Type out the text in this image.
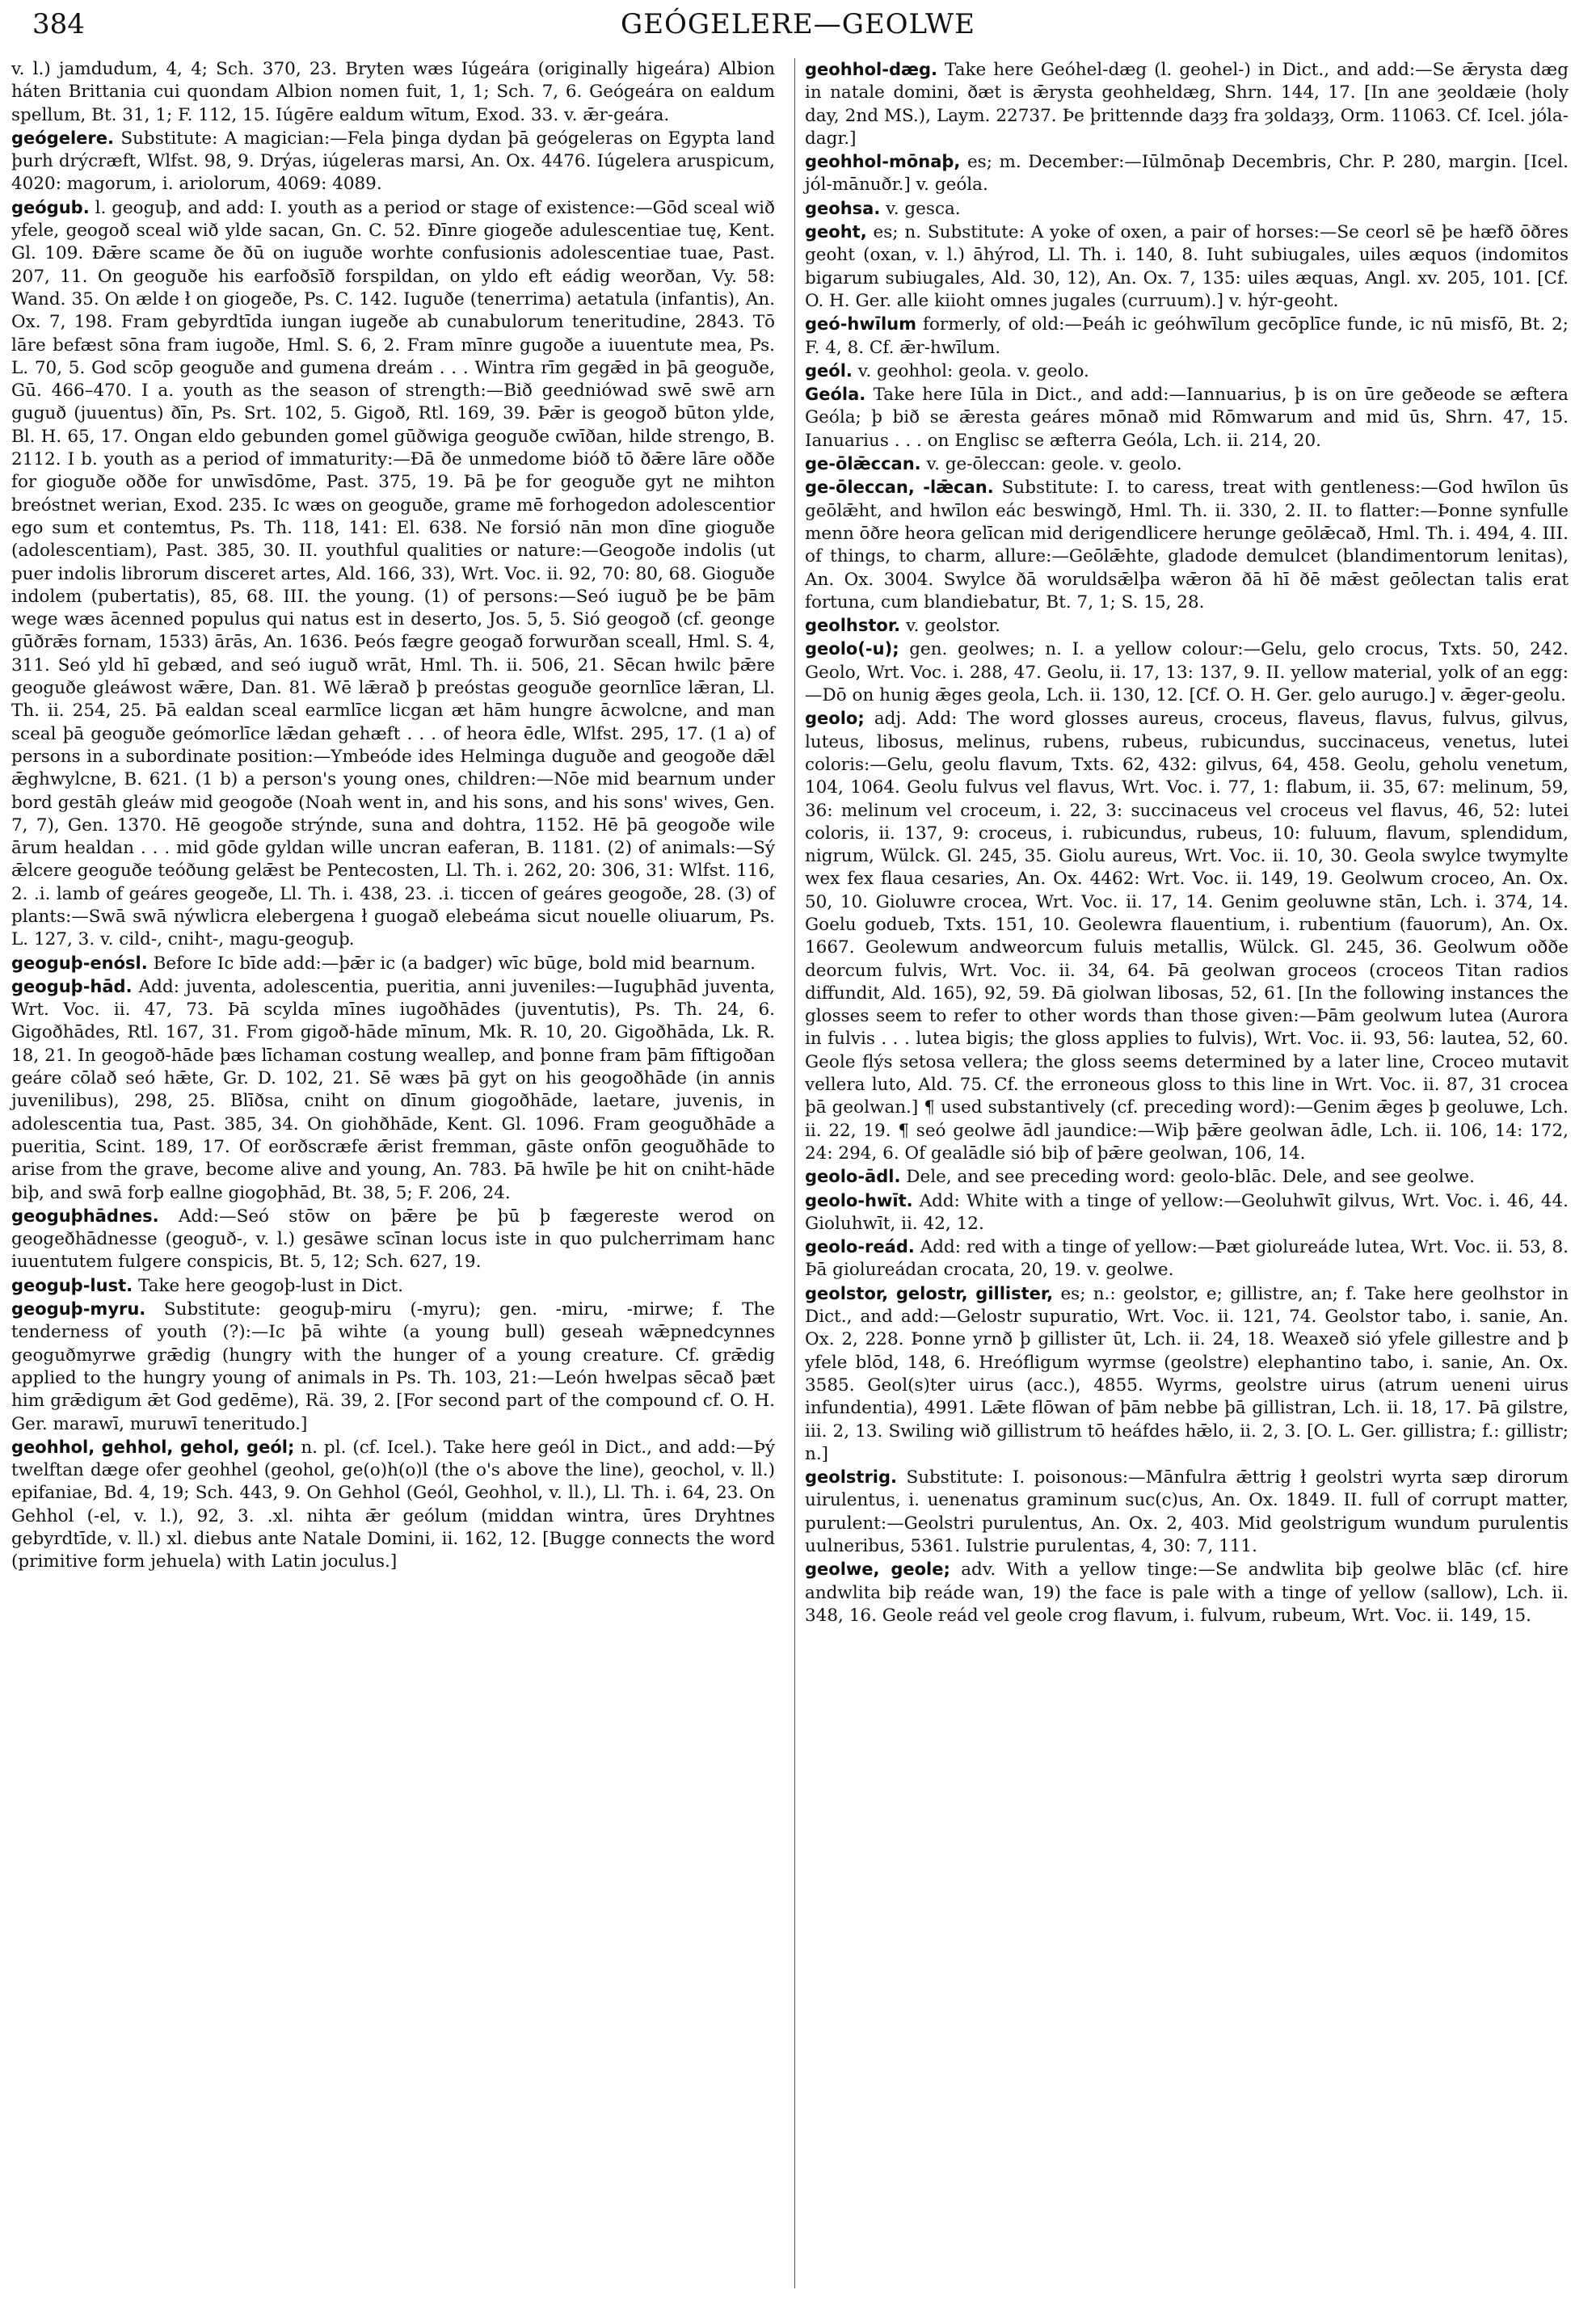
384	GEÓGELERE—GEOLWE

v. l.) jamdudum, 4, 4; Sch. 370, 23. Bryten wæs Iúgeára (originally higeára) Albion háten Brittania cui quondam Albion nomen fuit, 1, 1; Sch. 7, 6. Geógeára on ealdum spellum, Bt. 31, 1; F. 112, 15. Iúgēre ealdum wītum, Exod. 33. v. ǣr-geára.

geógelere. Substitute: A magician:—Fela þinga dydan þā geógeleras on Egypta land þurh drýcræft, Wlfst. 98, 9. Drýas, iúgeleras marsi, An. Ox. 4476. Iúgelera aruspicum, 4020: magorum, i. ariolorum, 4069: 4089.

geógub. l. geoguþ, and add: I. youth as a period or stage of existence:—Gōd sceal wið yfele, geogoð sceal wið ylde sacan, Gn. C. 52. Ðīnre giogeðe adulescentiae tuę, Kent. Gl. 109. Ðǣre scame ðe ðū on iuguðe worhte confusionis adolescentiae tuae, Past. 207, 11. On geoguðe his earfoðsīð forspildan, on yldo eft eádig weorðan, Vy. 58: Wand. 35. On ælde ł on giogeðe, Ps. C. 142. Iuguðe (tenerrima) aetatula (infantis), An. Ox. 7, 198. Fram gebyrdtīda iungan iugeðe ab cunabulorum teneritudine, 2843. Tō lāre befæst sōna fram iugoðe, Hml. S. 6, 2. Fram mīnre gugoðe a iuuentute mea, Ps. L. 70, 5. God scōp geoguðe and gumena dreám . . . Wintra rīm gegǣd in þā geoguðe, Gū. 466–470. I a. youth as the season of strength:—Bið geedniówad swē swē arn guguð (juuentus) ðīn, Ps. Srt. 102, 5. Gigoð, Rtl. 169, 39. Þǣr is geogoð būton ylde, Bl. H. 65, 17. Ongan eldo gebunden gomel gūðwiga geoguðe cwīðan, hilde strengo, B. 2112. I b. youth as a period of immaturity:—Ðā ðe unmedome bióð tō ðǣre lāre oððe for gioguðe oððe for unwīsdōme, Past. 375, 19. Þā þe for geoguðe gyt ne mihton breóstnet werian, Exod. 235. Ic wæs on geoguðe, grame mē forhogedon adolescentior ego sum et contemtus, Ps. Th. 118, 141: El. 638. Ne forsió nān mon dīne gioguðe (adolescentiam), Past. 385, 30. II. youthful qualities or nature:—Geogoðe indolis (ut puer indolis librorum disceret artes, Ald. 166, 33), Wrt. Voc. ii. 92, 70: 80, 68. Gioguðe indolem (pubertatis), 85, 68. III. the young. (1) of persons:—Seó iuguð þe be þām wege wæs ācenned populus qui natus est in deserto, Jos. 5, 5. Sió geogoð (cf. geonge gūðrǣs fornam, 1533) ārās, An. 1636. Þeós fægre geogað forwurðan sceall, Hml. S. 4, 311. Seó yld hī gebæd, and seó iuguð wrāt, Hml. Th. ii. 506, 21. Sēcan hwilc þǣre geoguðe gleáwost wǣre, Dan. 81. Wē lǣrað þ preóstas geoguðe geornlīce lǣran, Ll. Th. ii. 254, 25. Þā ealdan sceal earmlīce licgan æt hām hungre ācwolcne, and man sceal þā geoguðe geómorlīce lǣdan gehæft . . . of heora ēdle, Wlfst. 295, 17. (1 a) of persons in a subordinate position:—Ymbeóde ides Helminga duguðe and geogoðe dǣl ǣghwylcne, B. 621. (1 b) a person's young ones, children:—Nōe mid bearnum under bord gestāh gleáw mid geogoðe (Noah went in, and his sons, and his sons' wives, Gen. 7, 7), Gen. 1370. Hē geogoðe strýnde, suna and dohtra, 1152. Hē þā geogoðe wile ārum healdan . . . mid gōde gyldan wille uncran eaferan, B. 1181. (2) of animals:—Sý ǣlcere geoguðe teóðung gelǣst be Pentecosten, Ll. Th. i. 262, 20: 306, 31: Wlfst. 116, 2. .i. lamb of geáres geogeðe, Ll. Th. i. 438, 23. .i. ticcen of geáres geogoðe, 28. (3) of plants:—Swā swā nýwlicra elebergena ł guogað elebeáma sicut nouelle oliuarum, Ps. L. 127, 3. v. cild-, cniht-, magu-geoguþ.

geoguþ-enósl. Before Ic bīde add:—þǣr ic (a badger) wīc būge, bold mid bearnum.

geoguþ-hād. Add: juventa, adolescentia, pueritia, anni juveniles:—Iuguþhād juventa, Wrt. Voc. ii. 47, 73. Þā scylda mīnes iugoðhādes (juventutis), Ps. Th. 24, 6. Gigoðhādes, Rtl. 167, 31. From gigoð-hāde mīnum, Mk. R. 10, 20. Gigoðhāda, Lk. R. 18, 21. In geogoð-hāde þæs līchaman costung weallep, and þonne fram þām fīftigoðan geáre cōlað seó hǣte, Gr. D. 102, 21. Sē wæs þā gyt on his geogoðhāde (in annis juvenilibus), 298, 25. Blīðsa, cniht on dīnum giogoðhāde, laetare, juvenis, in adolescentia tua, Past. 385, 34. On giohðhāde, Kent. Gl. 1096. Fram geoguðhāde a pueritia, Scint. 189, 17. Of eorðscræfe ǣrist fremman, gāste onfōn geoguðhāde to arise from the grave, become alive and young, An. 783. Þā hwīle þe hit on cniht-hāde biþ, and swā forþ eallne giogoþhād, Bt. 38, 5; F. 206, 24.

geoguþhādnes. Add:—Seó stōw on þǣre þe þū þ fægereste werod on geogeðhādnesse (geoguð-, v. l.) gesāwe scīnan locus iste in quo pulcherrimam hanc iuuentutem fulgere conspicis, Bt. 5, 12; Sch. 627, 19.

geoguþ-lust. Take here geogoþ-lust in Dict.

geoguþ-myru. Substitute: geoguþ-miru (-myru); gen. -miru, -mirwe; f. The tenderness of youth (?):—Ic þā wihte (a young bull) geseah wǣpnedcynnes geoguðmyrwe grǣdig (hungry with the hunger of a young creature. Cf. grǣdig applied to the hungry young of animals in Ps. Th. 103, 21:—León hwelpas sēcað þæt him grǣdigum ǣt God gedēme), Rä. 39, 2. [For second part of the compound cf. O. H. Ger. marawī, muruwī teneritudo.]

geohhol, gehhol, gehol, geól; n. pl. (cf. Icel.). Take here geól in Dict., and add:—Þý twelftan dæge ofer geohhel (geohol, ge(o)h(o)l (the o's above the line), geochol, v. ll.) epifaniae, Bd. 4, 19; Sch. 443, 9. On Gehhol (Geól, Geohhol, v. ll.), Ll. Th. i. 64, 23. On Gehhol (-el, v. l.), 92, 3. .xl. nihta ǣr geólum (middan wintra, ūres Dryhtnes gebyrdtīde, v. ll.) xl. diebus ante Natale Domini, ii. 162, 12. [Bugge connects the word (primitive form jehuela) with Latin joculus.]

geohhol-dæg. Take here Geóhel-dæg (l. geohel-) in Dict., and add:—Se ǣrysta dæg in natale domini, ðæt is ǣrysta geohheldæg, Shrn. 144, 17. [In ane ȝeoldæie (holy day, 2nd MS.), Laym. 22737. Þe þrittennde daȝȝ fra ȝoldaȝȝ, Orm. 11063. Cf. Icel. jóla-dagr.]

geohhol-mōnaþ, es; m. December:—Iūlmōnaþ Decembris, Chr. P. 280, margin. [Icel. jól-mānuðr.] v. geóla.

geohsa. v. gesca.

geoht, es; n. Substitute: A yoke of oxen, a pair of horses:—Se ceorl sē þe hæfð ōðres geoht (oxan, v. l.) āhýrod, Ll. Th. i. 140, 8. Iuht subiugales, uiles æquos (indomitos bigarum subiugales, Ald. 30, 12), An. Ox. 7, 135: uiles æquas, Angl. xv. 205, 101. [Cf. O. H. Ger. alle kiioht omnes jugales (curruum).] v. hýr-geoht.

geó-hwīlum formerly, of old:—Þeáh ic geóhwīlum gecōplīce funde, ic nū misfō, Bt. 2; F. 4, 8. Cf. ǣr-hwīlum.

geól. v. geohhol: geola. v. geolo.

Geóla. Take here Iūla in Dict., and add:—Iannuarius, þ is on ūre geðeode se æftera Geóla; þ bið se ǣresta geáres mōnað mid Rōmwarum and mid ūs, Shrn. 47, 15. Ianuarius . . . on Englisc se æfterra Geóla, Lch. ii. 214, 20.

ge-ōlǣccan. v. ge-ōleccan: geole. v. geolo.

ge-ōleccan, -lǣcan. Substitute: I. to caress, treat with gentleness:—God hwīlon ūs geōlǣht, and hwīlon eác beswingð, Hml. Th. ii. 330, 2. II. to flatter:—Þonne synfulle menn ōðre heora gelīcan mid derigendlicere herunge geōlǣcað, Hml. Th. i. 494, 4. III. of things, to charm, allure:—Geōlǣhte, gladode demulcet (blandimentorum lenitas), An. Ox. 3004. Swylce ðā woruldsǣlþa wǣron ðā hī ðē mǣst geōlectan talis erat fortuna, cum blandiebatur, Bt. 7, 1; S. 15, 28.

geolhstor. v. geolstor.

geolo(-u); gen. geolwes; n. I. a yellow colour:—Gelu, gelo crocus, Txts. 50, 242. Geolo, Wrt. Voc. i. 288, 47. Geolu, ii. 17, 13: 137, 9. II. yellow material, yolk of an egg:—Dō on hunig ǣges geola, Lch. ii. 130, 12. [Cf. O. H. Ger. gelo aurugo.] v. ǣger-geolu.

geolo; adj. Add: The word glosses aureus, croceus, flaveus, flavus, fulvus, gilvus, luteus, libosus, melinus, rubens, rubeus, rubicundus, succinaceus, venetus, lutei coloris:—Gelu, geolu flavum, Txts. 62, 432: gilvus, 64, 458. Geolu, geholu venetum, 104, 1064. Geolu fulvus vel flavus, Wrt. Voc. i. 77, 1: flabum, ii. 35, 67: melinum, 59, 36: melinum vel croceum, i. 22, 3: succinaceus vel croceus vel flavus, 46, 52: lutei coloris, ii. 137, 9: croceus, i. rubicundus, rubeus, 10: fuluum, flavum, splendidum, nigrum, Wülck. Gl. 245, 35. Giolu aureus, Wrt. Voc. ii. 10, 30. Geola swylce twymylte wex fex flaua cesaries, An. Ox. 4462: Wrt. Voc. ii. 149, 19. Geolwum croceo, An. Ox. 50, 10. Gioluwre crocea, Wrt. Voc. ii. 17, 14. Genim geoluwne stān, Lch. i. 374, 14. Goelu godueb, Txts. 151, 10. Geolewra flauentium, i. rubentium (fauorum), An. Ox. 1667. Geolewum andweorcum fuluis metallis, Wülck. Gl. 245, 36. Geolwum oððe deorcum fulvis, Wrt. Voc. ii. 34, 64. Þā geolwan groceos (croceos Titan radios diffundit, Ald. 165), 92, 59. Ðā giolwan libosas, 52, 61. [In the following instances the glosses seem to refer to other words than those given:—Þām geolwum lutea (Aurora in fulvis . . . lutea bigis; the gloss applies to fulvis), Wrt. Voc. ii. 93, 56: lautea, 52, 60. Geole flýs setosa vellera; the gloss seems determined by a later line, Croceo mutavit vellera luto, Ald. 75. Cf. the erroneous gloss to this line in Wrt. Voc. ii. 87, 31 crocea þā geolwan.] ¶ used substantively (cf. preceding word):—Genim ǣges þ geoluwe, Lch. ii. 22, 19. ¶ seó geolwe ādl jaundice:—Wiþ þǣre geolwan ādle, Lch. ii. 106, 14: 172, 24: 294, 6. Of gealādle sió biþ of þǣre geolwan, 106, 14.

geolo-ādl. Dele, and see preceding word: geolo-blāc. Dele, and see geolwe.

geolo-hwīt. Add: White with a tinge of yellow:—Geoluhwīt gilvus, Wrt. Voc. i. 46, 44. Gioluhwīt, ii. 42, 12.

geolo-reád. Add: red with a tinge of yellow:—Þæt giolureáde lutea, Wrt. Voc. ii. 53, 8. Þā giolureádan crocata, 20, 19. v. geolwe.

geolstor, gelostr, gillister, es; n.: geolstor, e; gillistre, an; f. Take here geolhstor in Dict., and add:—Gelostr supuratio, Wrt. Voc. ii. 121, 74. Geolstor tabo, i. sanie, An. Ox. 2, 228. Þonne yrnð þ gillister ūt, Lch. ii. 24, 18. Weaxeð sió yfele gillestre and þ yfele blōd, 148, 6. Hreófligum wyrmse (geolstre) elephantino tabo, i. sanie, An. Ox. 3585. Geol(s)ter uirus (acc.), 4855. Wyrms, geolstre uirus (atrum ueneni uirus infundentia), 4991. Lǣte flōwan of þām nebbe þā gillistran, Lch. ii. 18, 17. Þā gilstre, iii. 2, 13. Swiling wið gillistrum tō heáfdes hǣlo, ii. 2, 3. [O. L. Ger. gillistra; f.: gillistr; n.]

geolstrig. Substitute: I. poisonous:—Mānfulra ǣttrig ł geolstri wyrta sæp dirorum uirulentus, i. uenenatus graminum suc(c)us, An. Ox. 1849. II. full of corrupt matter, purulent:—Geolstri purulentus, An. Ox. 2, 403. Mid geolstrigum wundum purulentis uulneribus, 5361. Iulstrie purulentas, 4, 30: 7, 111.

geolwe, geole; adv. With a yellow tinge:—Se andwlita biþ geolwe blāc (cf. hire andwlita biþ reáde wan, 19) the face is pale with a tinge of yellow (sallow), Lch. ii. 348, 16. Geole reád vel geole crog flavum, i. fulvum, rubeum, Wrt. Voc. ii. 149, 15.
